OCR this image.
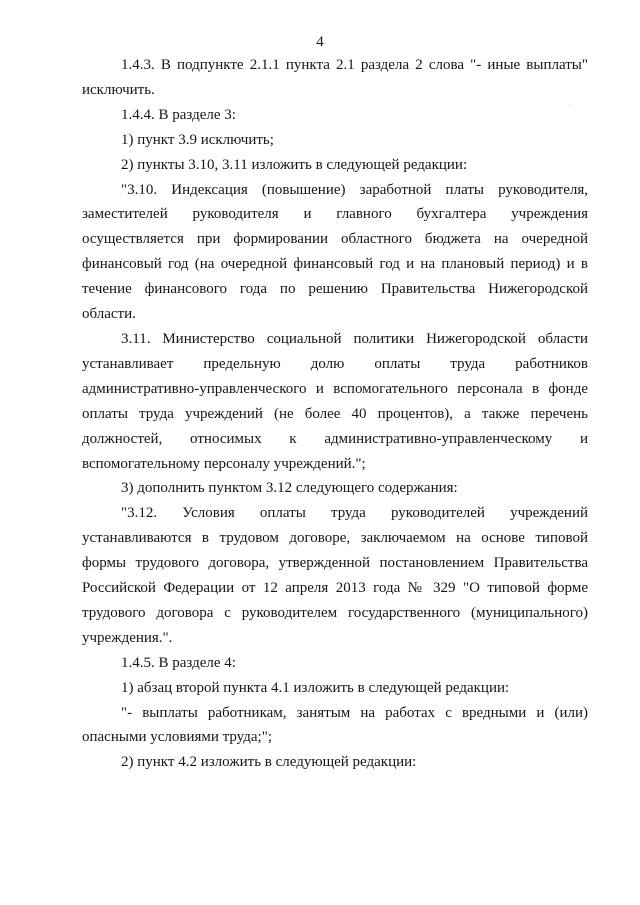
4
1.4.3. В подпункте 2.1.1 пункта 2.1 раздела 2 слова "- иные выплаты"
исключить.
1.4.4. В разделе 3:
1) пункт 3.9 исключить;
2) пункты 3.10, 3.11 изложить в следующей редакции:
"3.10. Индексация (повышение) заработной платы руководителя,
заместителей руководителя и главного бухгалтера учреждения
осуществляется при формировании областного бюджета на очередной
финансовый год (на очередной финансовый год и на плановый период) и в
течение финансового года по решению Правительства Нижегородской
области.
3.11. Министерство социальной политики Нижегородской области
устанавливает предельную долю оплаты труда работников
административно-управленческого и вспомогательного персонала в фонде
оплаты труда учреждений (не более 40 процентов), а также перечень
должностей, относимых к административно-управленческому и
вспомогательному персоналу учреждений.";
3) дополнить пунктом 3.12 следующего содержания:
"3.12. Условия оплаты труда руководителей учреждений
устанавливаются в трудовом договоре, заключаемом на основе типовой
формы трудового договора, утвержденной постановлением Правительства
Российской Федерации от 12 апреля 2013 года № 329 "О типовой форме
трудового договора с руководителем государственного (муниципального)
учреждения.".
1.4.5. В разделе 4:
1) абзац второй пункта 4.1 изложить в следующей редакции:
"- выплаты работникам, занятым на работах с вредными и (или)
опасными условиями труда;";
2) пункт 4.2 изложить в следующей редакции:
